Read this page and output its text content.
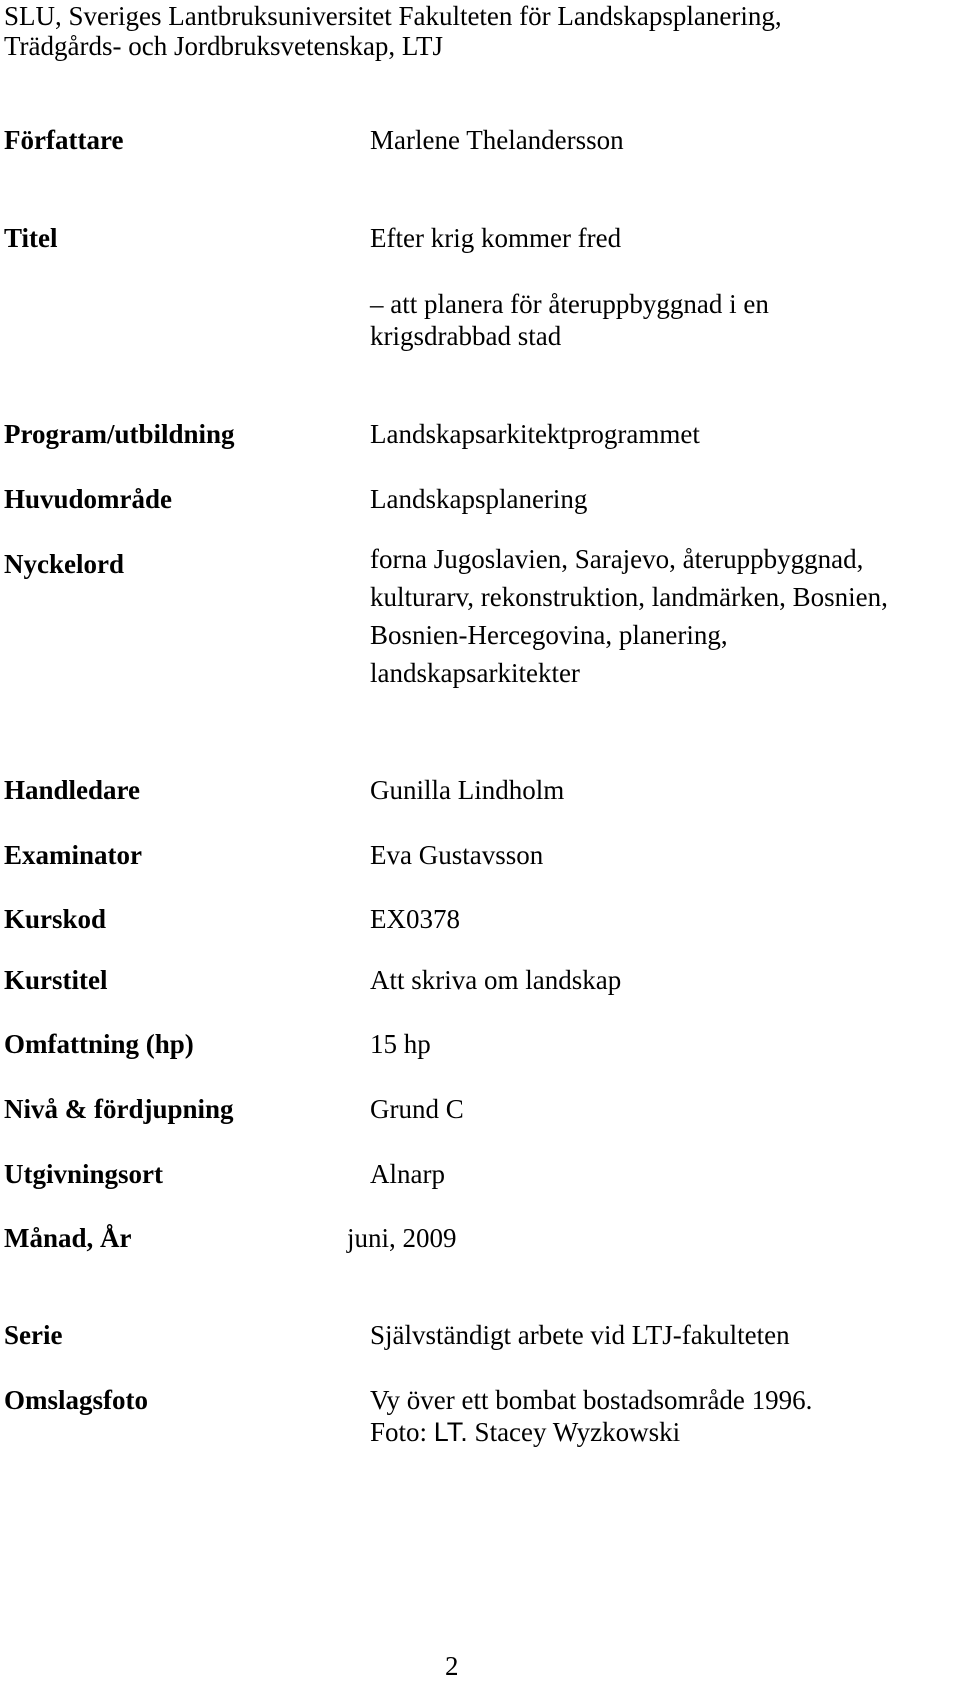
SLU, Sveriges Lantbruksuniversitet Fakulteten för Landskapsplanering,
Trädgårds- och Jordbruksvetenskap, LTJ
Författare	Marlene Thelandersson
Titel	Efter krig kommer fred
– att planera för återuppbyggnad i en
krigsdrabbad stad
Program/utbildning	Landskapsarkitektprogrammet
Huvudområde	Landskapsplanering
Nyckelord	forna Jugoslavien, Sarajevo, återuppbyggnad,
kulturarv, rekonstruktion, landmärken, Bosnien,
Bosnien-Hercegovina, planering,
landskapsarkitekter
Handledare	Gunilla Lindholm
Examinator	Eva Gustavsson
Kurskod	EX0378
Kurstitel	Att skriva om landskap
Omfattning (hp)	15 hp
Nivå & fördjupning	Grund C
Utgivningsort	Alnarp
Månad, År	juni, 2009
Serie	Självständigt arbete vid LTJ-fakulteten
Omslagsfoto	Vy över ett bombat bostadsområde 1996.
Foto: LT. Stacey Wyzkowski
2
